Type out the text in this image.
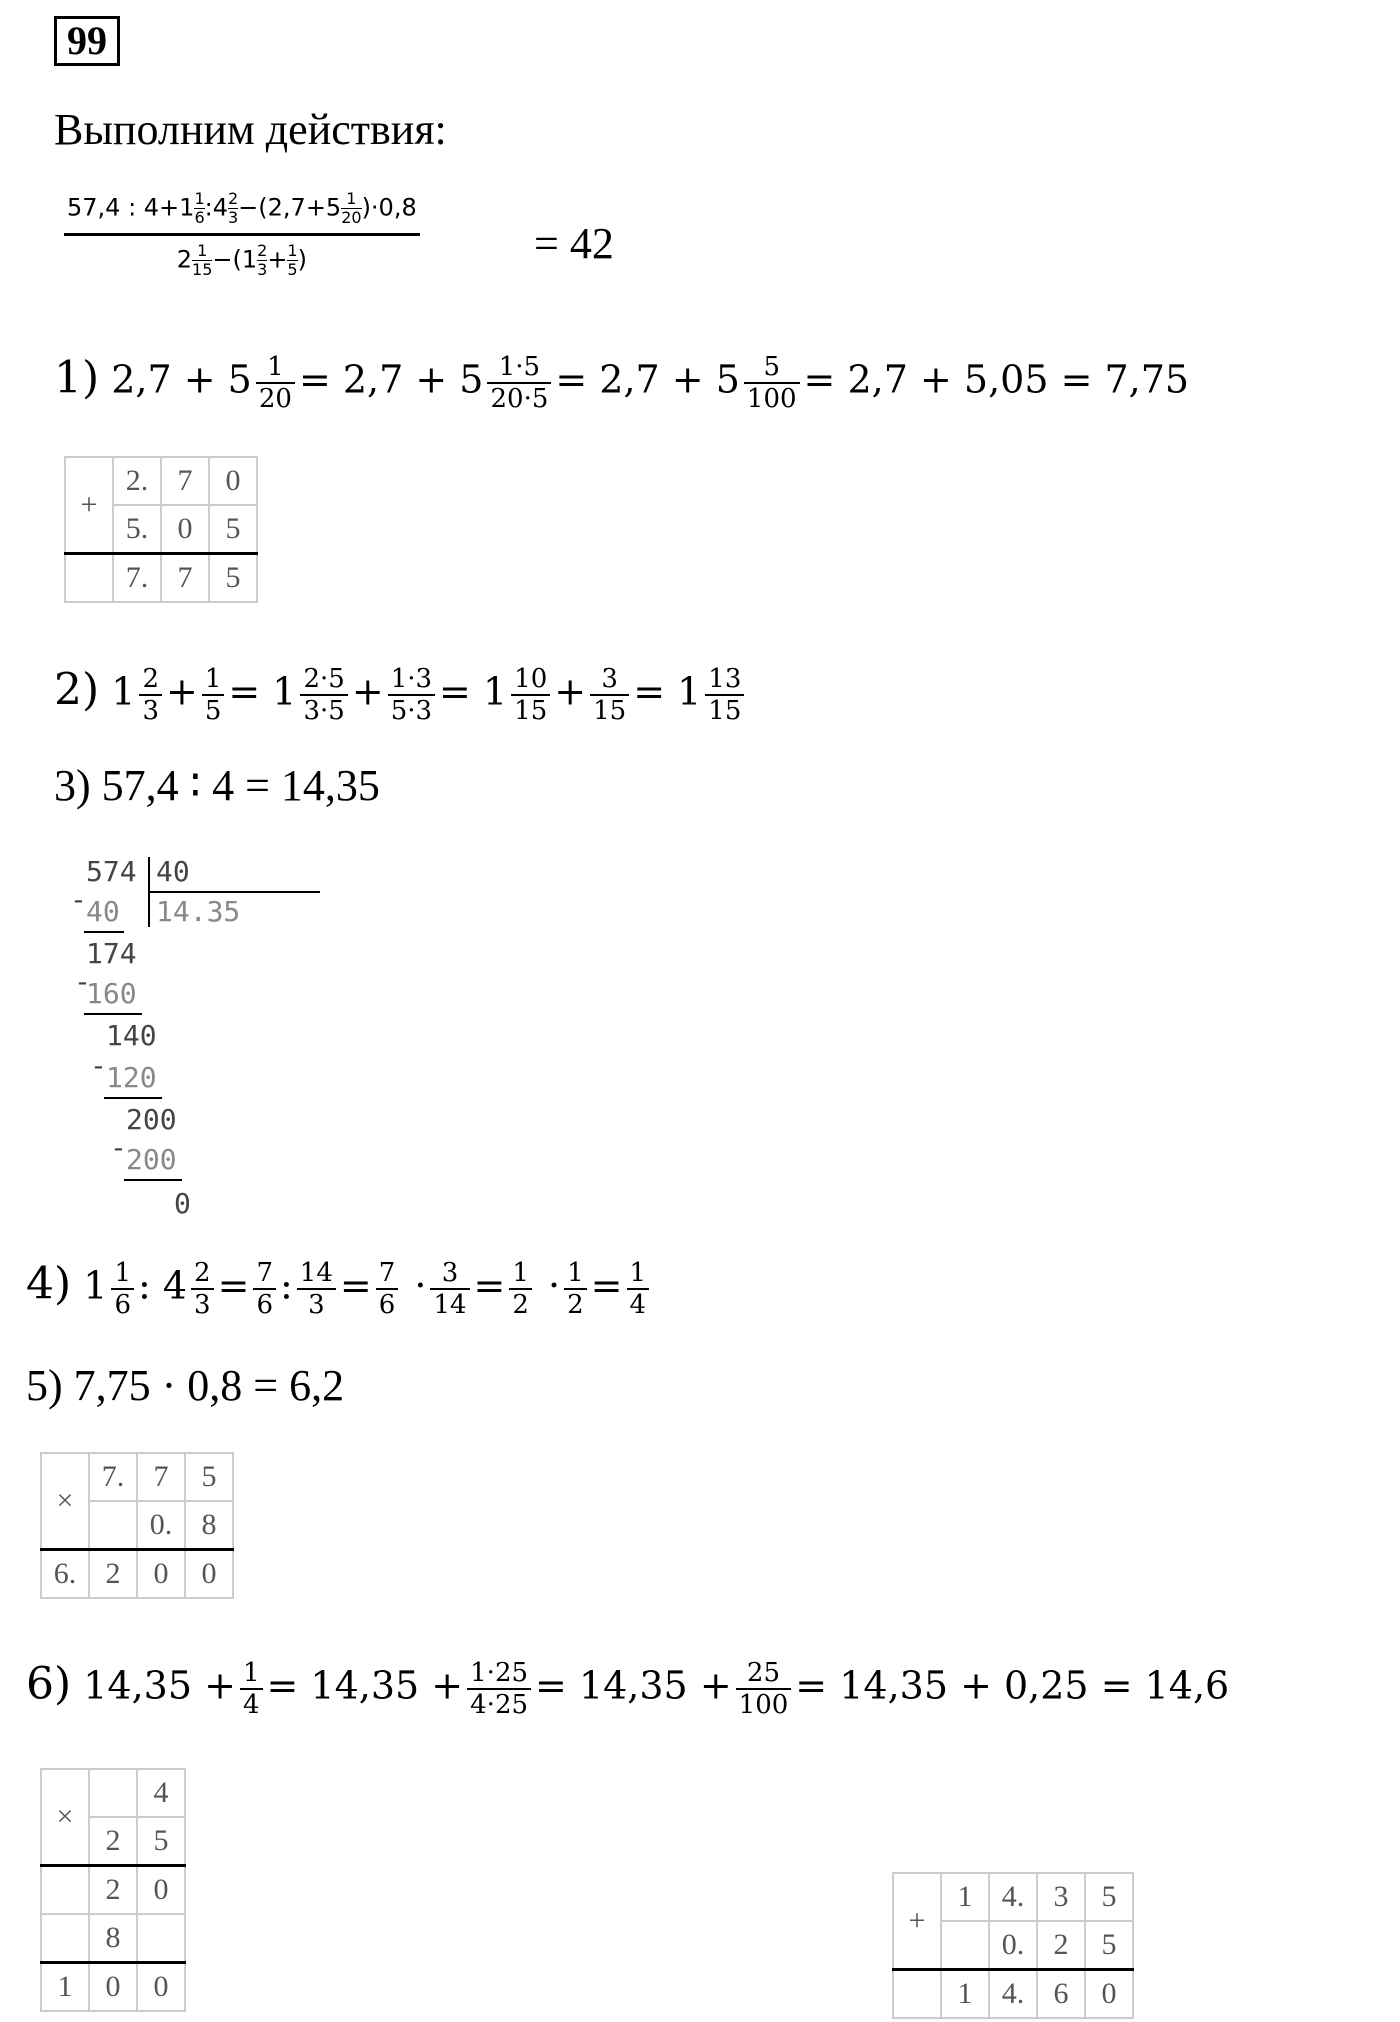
99
Выполним действия:
$\frac{57,4 : 4+1 \frac{1}{6} :4 \frac{2}{3} -(2,7+5 \frac{1}{20} )\cdot 0,8}{2 \frac{1}{15} -(1 \frac{2}{3} + \frac{1}{5} )}$	= 42
1) $2,7 + 5 \frac{1}{20} = 2,7 + 5 \frac{1\cdot 5}{20\cdot 5} = 2,7 + 5 \frac{5}{100} = 2,7 + 5,05 = 7,75$
+	2.	7	0
	5.	0	5
	7.	7	5
2) $1 \frac{2}{3} + \frac{1}{5} = 1 \frac{2\cdot 5}{3\cdot 5} + \frac{1\cdot 3}{5\cdot 3} = 1 \frac{10}{15} + \frac{3}{15} = 1 \frac{13}{15}$
3) 57,4 ∶ 4 = 14,35
574 40
- 40 14.35
174
-
160
140
- 120
200
- 200
0
4) $1 \frac{1}{6}$ : $4 \frac{2}{3} = \frac{7}{6}$ : $\frac{14}{3} = \frac{7}{6} \cdot \frac{3}{14} = \frac{1}{2} \cdot \frac{1}{2} = \frac{1}{4}$
5) 7,75 · 0,8 = 6,2
×	7.	7	5
		0.	8
6.	2	0	0
6) $14,35 + \frac{1}{4} = 14,35 + \frac{1\cdot 25}{4\cdot 25} = 14,35 + \frac{25}{100} = 14,35 + 0,25 = 14,6$
×		4
	2	5
	2	0
	8	
1	0	0
+	1	4.	3	5
		0.	2	5
	1	4.	6	0
